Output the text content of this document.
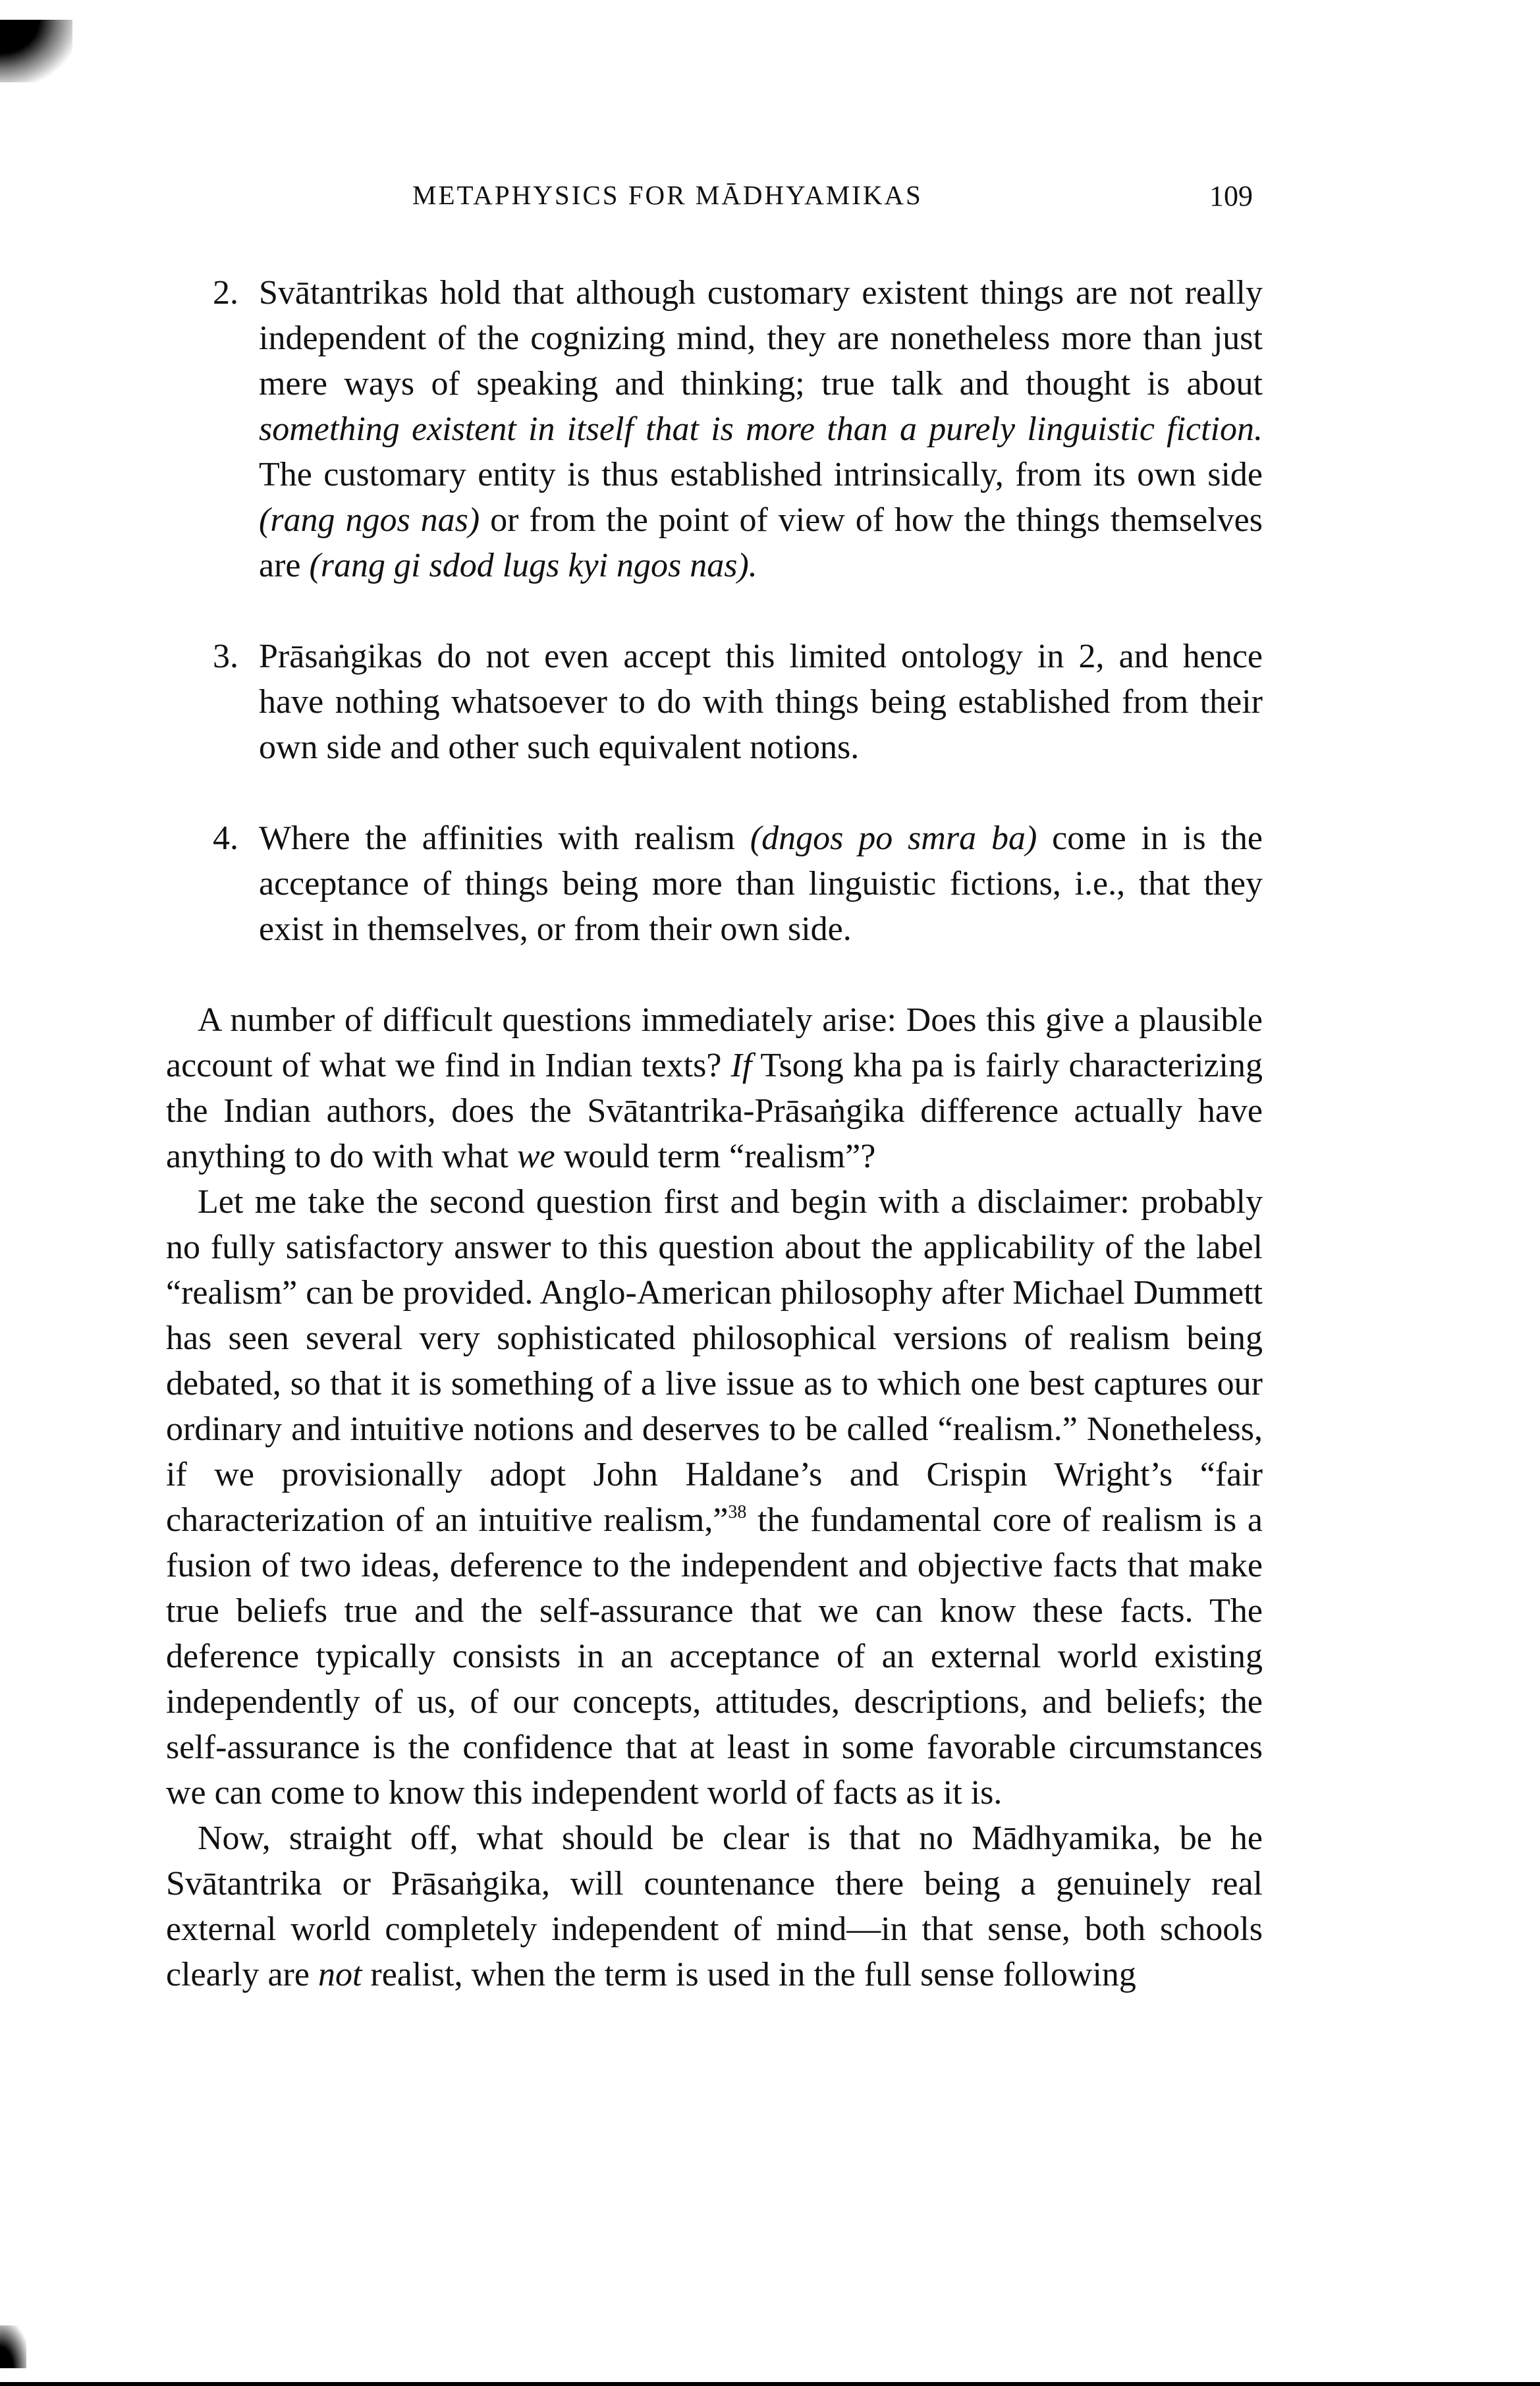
METAPHYSICS FOR MĀDHYAMIKAS	109

2. Svātantrikas hold that although customary existent things are not really independent of the cognizing mind, they are nonetheless more than just mere ways of speaking and thinking; true talk and thought is about something existent in itself that is more than a purely linguistic fiction. The customary entity is thus established intrinsically, from its own side (rang ngos nas) or from the point of view of how the things themselves are (rang gi sdod lugs kyi ngos nas).

3. Prāsaṅgikas do not even accept this limited ontology in 2, and hence have nothing whatsoever to do with things being established from their own side and other such equivalent notions.

4. Where the affinities with realism (dngos po smra ba) come in is the acceptance of things being more than linguistic fictions, i.e., that they exist in themselves, or from their own side.

A number of difficult questions immediately arise: Does this give a plausible account of what we find in Indian texts? If Tsong kha pa is fairly characterizing the Indian authors, does the Svātantrika-Prāsaṅgika difference actually have anything to do with what we would term “realism”?

Let me take the second question first and begin with a disclaimer: probably no fully satisfactory answer to this question about the applicability of the label “realism” can be provided. Anglo-American philosophy after Michael Dummett has seen several very sophisticated philosophical versions of realism being debated, so that it is something of a live issue as to which one best captures our ordinary and intuitive notions and deserves to be called “realism.” Nonetheless, if we provisionally adopt John Haldane’s and Crispin Wright’s “fair characterization of an intuitive realism,”$^{38}$ the fundamental core of realism is a fusion of two ideas, deference to the independent and objective facts that make true beliefs true and the self-assurance that we can know these facts. The deference typically consists in an acceptance of an external world existing independently of us, of our concepts, attitudes, descriptions, and beliefs; the self-assurance is the confidence that at least in some favorable circumstances we can come to know this independent world of facts as it is.

Now, straight off, what should be clear is that no Mādhyamika, be he Svātantrika or Prāsaṅgika, will countenance there being a genuinely real external world completely independent of mind—in that sense, both schools clearly are not realist, when the term is used in the full sense following
